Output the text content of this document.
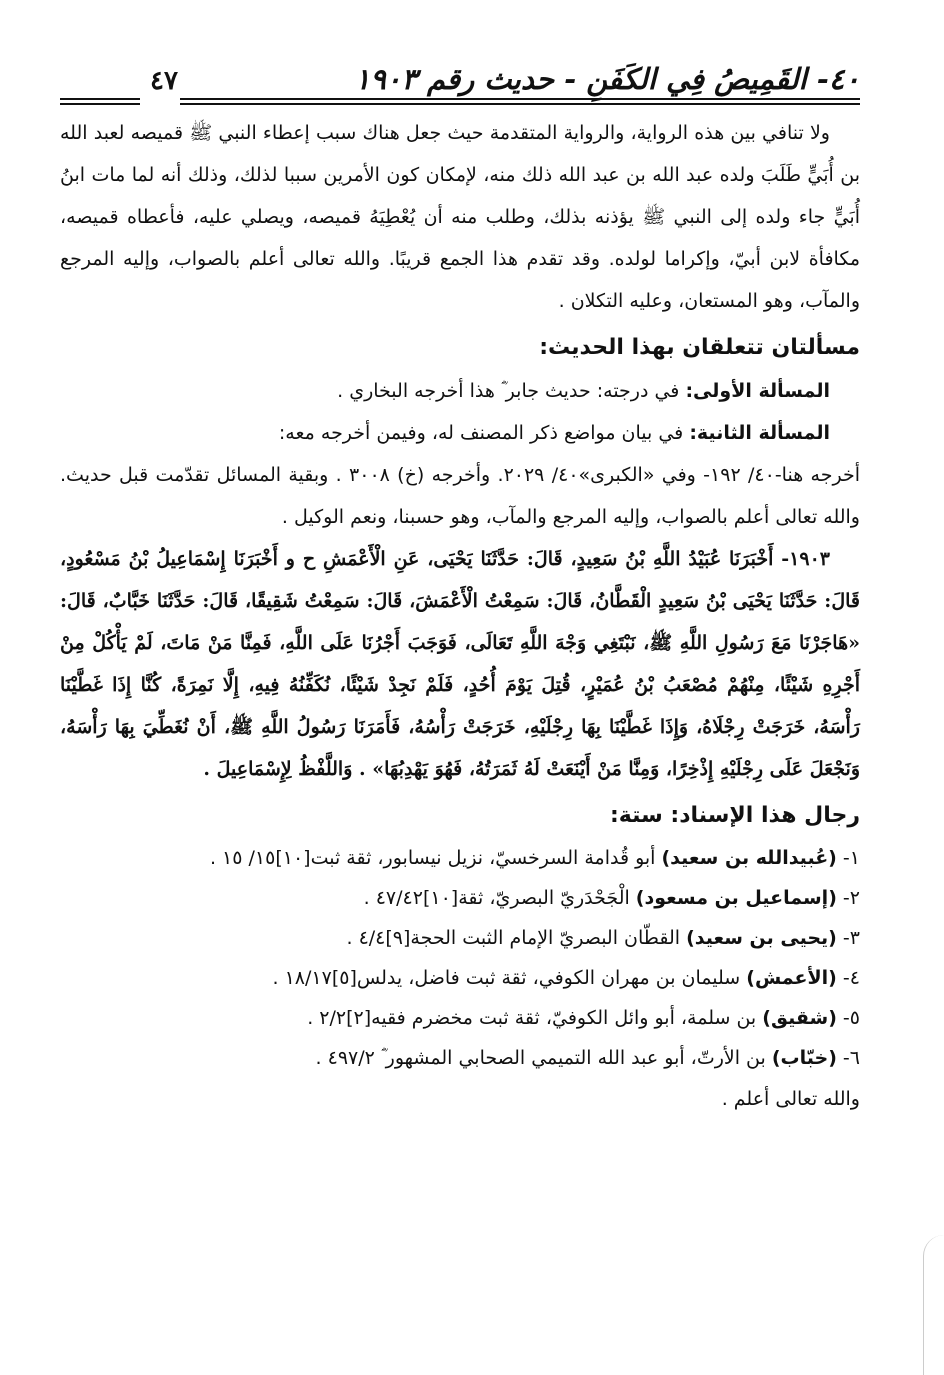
٤٠- القَمِيصُ فِي الكَفَنِ - حديث رقم ١٩٠٣
٤٧

ولا تنافي بين هذه الرواية، والرواية المتقدمة حيث جعل هناك سبب إعطاء النبي ﷺ قميصه لعبد الله بن أُبَيٍّ طَلَبَ ولده عبد الله بن عبد الله ذلك منه، لإمكان كون الأمرين سببا لذلك، وذلك أنه لما مات ابنُ أُبَيٍّ جاء ولده إلى النبي ﷺ يؤذنه بذلك، وطلب منه أن يُعْطِيَهُ قميصه، ويصلي عليه، فأعطاه قميصه، مكافأة لابن أبيّ، وإكراما لولده. وقد تقدم هذا الجمع قريبًا. والله تعالى أعلم بالصواب، وإليه المرجع والمآب، وهو المستعان، وعليه التكلان .

مسألتان تتعلقان بهذا الحديث:

المسألة الأولى: في درجته: حديث جابر ؓ هذا أخرجه البخاري .

المسألة الثانية: في بيان مواضع ذكر المصنف له، وفيمن أخرجه معه:

أخرجه هنا-٤٠/ ١٩٢- وفي «الكبرى»٤٠/ ٢٠٢٩. وأخرجه (خ) ٣٠٠٨ . وبقية المسائل تقدّمت قبل حديث. والله تعالى أعلم بالصواب، وإليه المرجع والمآب، وهو حسبنا، ونعم الوكيل .

١٩٠٣- أَخْبَرَنَا عُبَيْدُ اللَّهِ بْنُ سَعِيدٍ، قَالَ: حَدَّثَنَا يَحْيَى، عَنِ الْأَعْمَشِ ح و أَخْبَرَنَا إِسْمَاعِيلُ بْنُ مَسْعُودٍ، قَالَ: حَدَّثَنَا يَحْيَى بْنُ سَعِيدٍ الْقَطَّانُ، قَالَ: سَمِعْتُ الْأَعْمَشَ، قَالَ: سَمِعْتُ شَقِيقًا، قَالَ: حَدَّثَنَا خَبَّابٌ، قَالَ: «هَاجَرْنَا مَعَ رَسُولِ اللَّهِ ﷺ، نَبْتَغِي وَجْهَ اللَّهِ تَعَالَى، فَوَجَبَ أَجْرُنَا عَلَى اللَّهِ، فَمِنَّا مَنْ مَاتَ، لَمْ يَأْكُلْ مِنْ أَجْرِهِ شَيْئًا، مِنْهُمْ مُصْعَبُ بْنُ عُمَيْرٍ، قُتِلَ يَوْمَ أُحُدٍ، فَلَمْ نَجِدْ شَيْئًا، نُكَفِّنُهُ فِيهِ، إِلَّا نَمِرَةً، كُنَّا إِذَا غَطَّيْنَا رَأْسَهُ، خَرَجَتْ رِجْلَاهُ، وَإِذَا غَطَّيْنَا بِهَا رِجْلَيْهِ، خَرَجَتْ رَأْسُهُ، فَأَمَرَنَا رَسُولُ اللَّهِ ﷺ، أَنْ نُغَطِّيَ بِهَا رَأْسَهُ، وَنَجْعَلَ عَلَى رِجْلَيْهِ إِذْخِرًا، وَمِنَّا مَنْ أَيْنَعَتْ لَهُ ثَمَرَتُهُ، فَهُوَ يَهْدِبُهَا» . وَاللَّفْظُ لِإِسْمَاعِيلَ .

رجال هذا الإسناد: ستة:
١- (عُبيدالله بن سعيد) أبو قُدامة السرخسيّ، نزيل نيسابور، ثقة ثبت[١٠]١٥/ ١٥ .
٢- (إسماعيل بن مسعود) الْجَحْدَريّ البصريّ، ثقة[١٠]٤٧/٤٢ .
٣- (يحيى بن سعيد) القطّان البصريّ الإمام الثبت الحجة[٩]٤/٤ .
٤- (الأعمش) سليمان بن مهران الكوفي، ثقة ثبت فاضل، يدلس[٥]١٨/١٧ .
٥- (شقيق) بن سلمة، أبو وائل الكوفيّ، ثقة ثبت مخضرم فقيه[٢]٢/٢ .
٦- (خبّاب) بن الأرتّ، أبو عبد الله التميمي الصحابي المشهور ؓ ٤٩٧/٢ .

والله تعالى أعلم .
